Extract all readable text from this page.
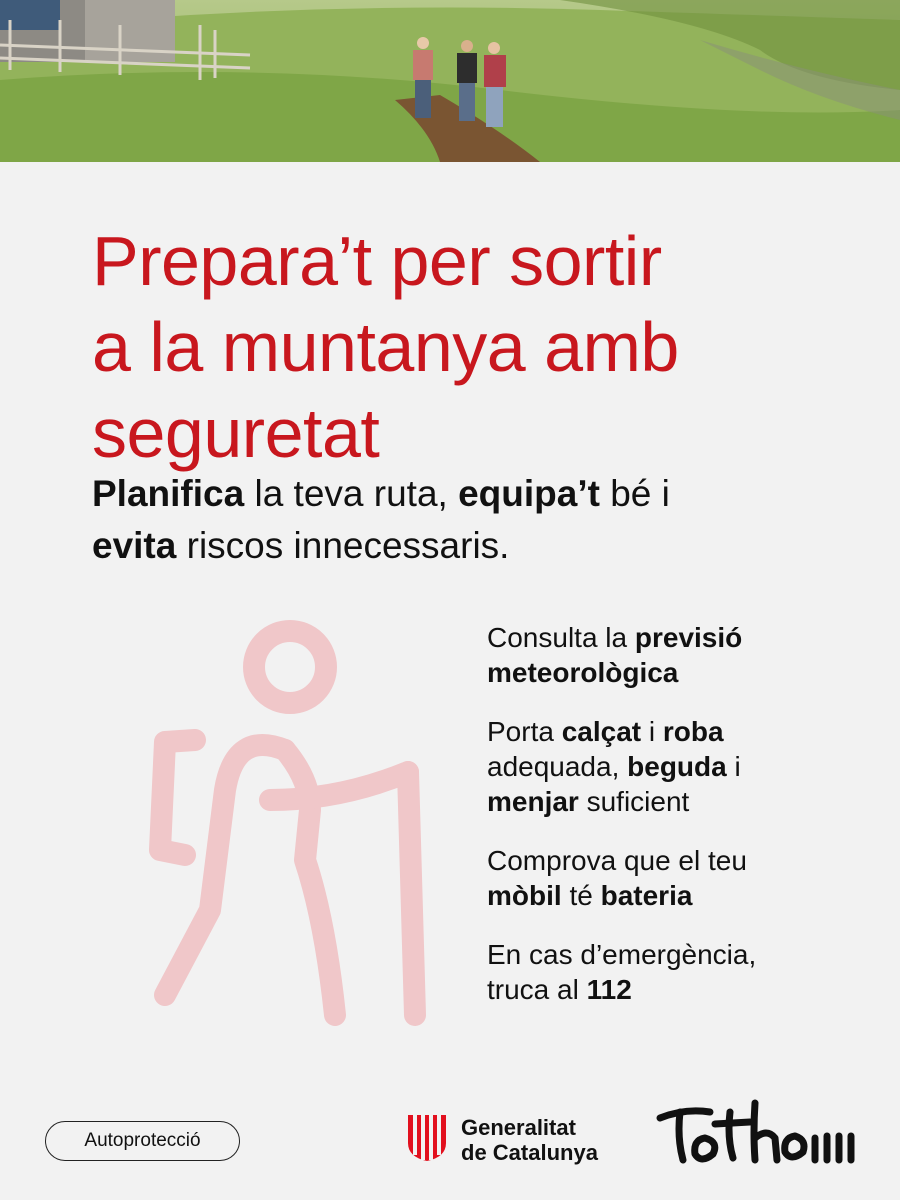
Prepara’t per sortir
a la muntanya amb
seguretat
Planifica la teva ruta, equipa’t bé i
evita riscos innecessaris.
Consulta la previsió
meteorològica
Porta calçat i roba
adequada, beguda i
menjar suficient
Comprova que el teu
mòbil té bateria
En cas d’emergència,
truca al 112
Autoprotecció
Generalitat
de Catalunya
